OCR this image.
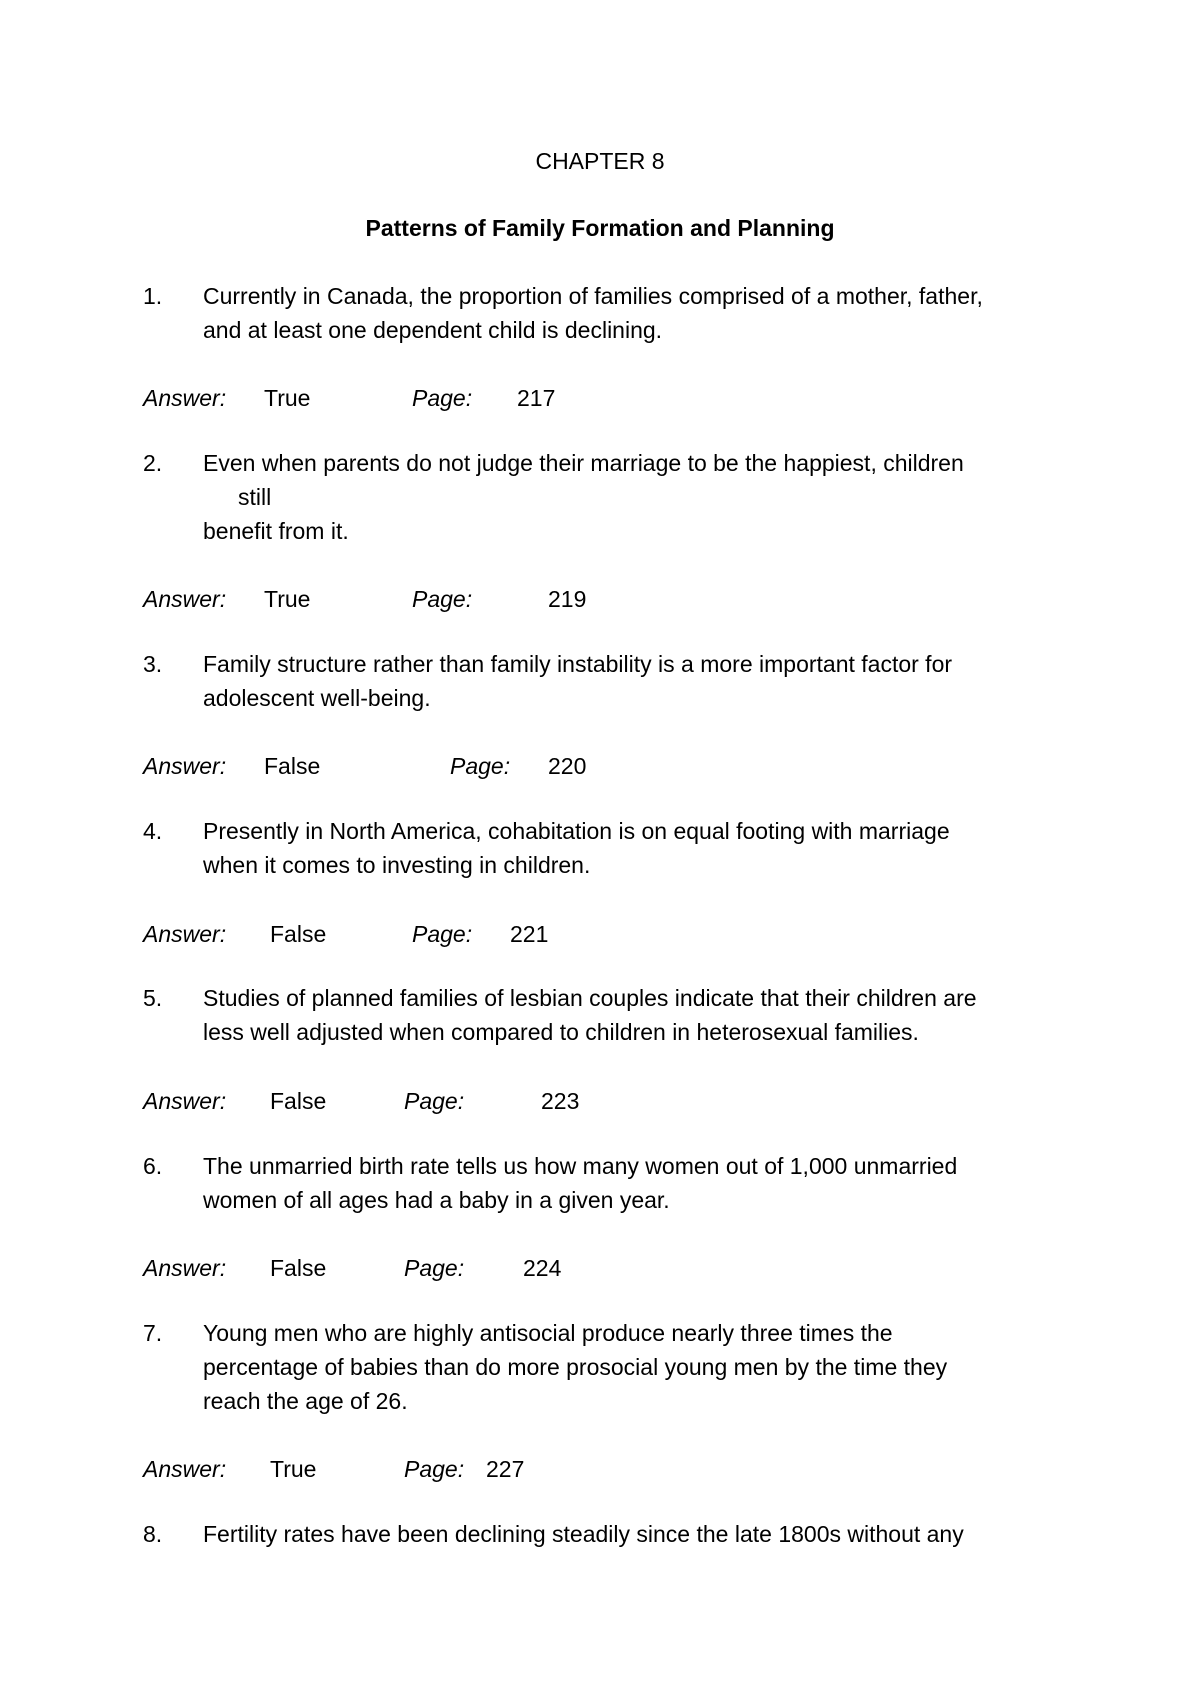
CHAPTER 8
Patterns of Family Formation and Planning
1. Currently in Canada, the proportion of families comprised of a mother, father,
and at least one dependent child is declining.
Answer: True	Page: 217
2. Even when parents do not judge their marriage to be the happiest, children
still
benefit from it.
Answer: True	Page:	219
3. Family structure rather than family instability is a more important factor for
adolescent well-being.
Answer: False	Page: 220
4. Presently in North America, cohabitation is on equal footing with marriage
when it comes to investing in children.
Answer: False	Page: 221
5. Studies of planned families of lesbian couples indicate that their children are
less well adjusted when compared to children in heterosexual families.
Answer: False	Page:	223
6. The unmarried birth rate tells us how many women out of 1,000 unmarried
women of all ages had a baby in a given year.
Answer: False	Page:	224
7. Young men who are highly antisocial produce nearly three times the
percentage of babies than do more prosocial young men by the time they
reach the age of 26.
Answer: True	Page: 227
8. Fertility rates have been declining steadily since the late 1800s without any
